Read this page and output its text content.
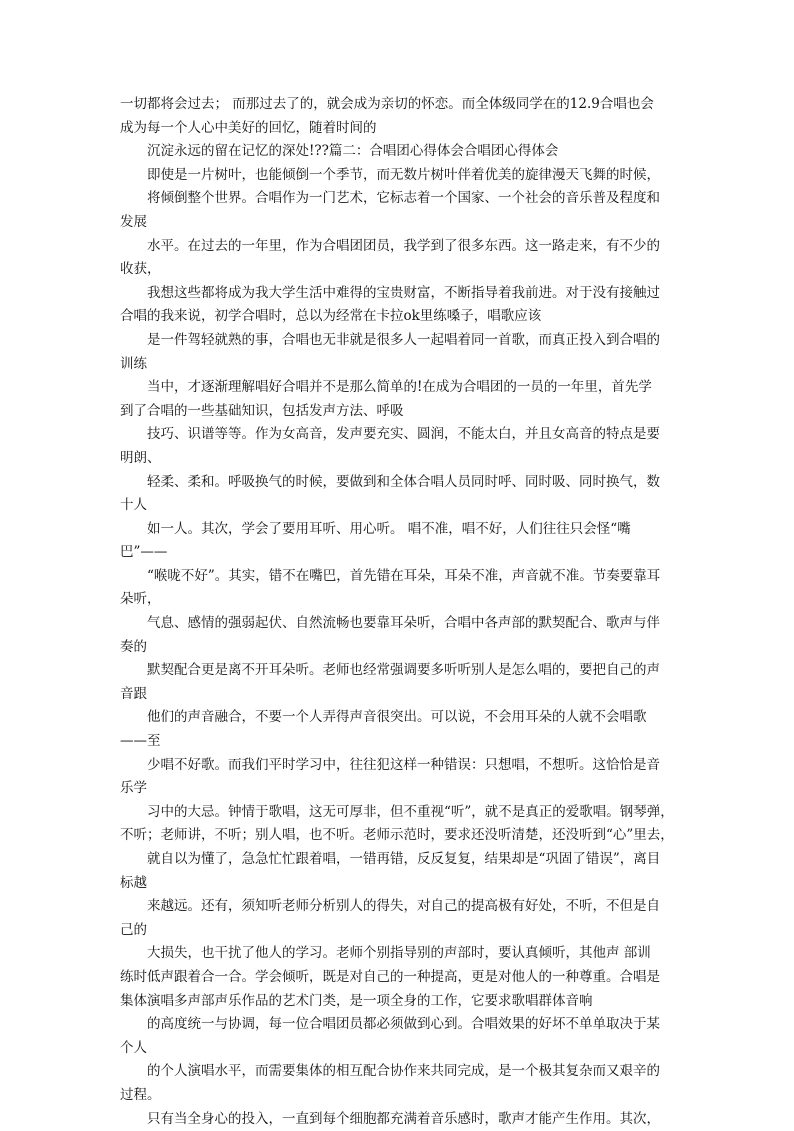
一切都将会过去； 而那过去了的，就会成为亲切的怀恋。而全体级同学在的12.9合唱也会
成为每一个人心中美好的回忆，随着时间的
沉淀永远的留在记忆的深处!??篇二：合唱团心得体会合唱团心得体会
即使是一片树叶，也能倾倒一个季节，而无数片树叶伴着优美的旋律漫天飞舞的时候，
将倾倒整个世界。合唱作为一门艺术，它标志着一个国家、一个社会的音乐普及程度和
发展
水平。在过去的一年里，作为合唱团团员，我学到了很多东西。这一路走来，有不少的
收获，
我想这些都将成为我大学生活中难得的宝贵财富，不断指导着我前进。对于没有接触过
合唱的我来说，初学合唱时，总以为经常在卡拉ok里练嗓子，唱歌应该
是一件驾轻就熟的事，合唱也无非就是很多人一起唱着同一首歌，而真正投入到合唱的
训练
当中，才逐渐理解唱好合唱并不是那么简单的!在成为合唱团的一员的一年里，首先学
到了合唱的一些基础知识，包括发声方法、呼吸
技巧、识谱等等。作为女高音，发声要充实、圆润，不能太白，并且女高音的特点是要
明朗、
轻柔、柔和。呼吸换气的时候，要做到和全体合唱人员同时呼、同时吸、同时换气，数
十人
如一人。其次，学会了要用耳听、用心听。 唱不准，唱不好，人们往往只会怪“嘴
巴”——
“喉咙不好”。其实，错不在嘴巴，首先错在耳朵，耳朵不准，声音就不准。节奏要靠耳
朵听，
气息、感情的强弱起伏、自然流畅也要靠耳朵听，合唱中各声部的默契配合、歌声与伴
奏的
默契配合更是离不开耳朵听。老师也经常强调要多听听别人是怎么唱的，要把自己的声
音跟
他们的声音融合，不要一个人弄得声音很突出。可以说，不会用耳朵的人就不会唱歌
——至
少唱不好歌。而我们平时学习中，往往犯这样一种错误：只想唱，不想听。这恰恰是音
乐学
习中的大忌。钟情于歌唱，这无可厚非，但不重视“听”，就不是真正的爱歌唱。钢琴弹，
不听；老师讲，不听；别人唱，也不听。老师示范时，要求还没听清楚，还没听到“心”里去，
就自以为懂了，急急忙忙跟着唱，一错再错，反反复复，结果却是“巩固了错误”，离目
标越
来越远。还有，须知听老师分析别人的得失，对自己的提高极有好处，不听，不但是自
己的
大损失，也干扰了他人的学习。老师个别指导别的声部时，要认真倾听，其他声 部训
练时低声跟着合一合。学会倾听，既是对自己的一种提高，更是对他人的一种尊重。合唱是
集体演唱多声部声乐作品的艺术门类，是一项全身的工作，它要求歌唱群体音响
的高度统一与协调，每一位合唱团员都必须做到心到。合唱效果的好坏不单单取决于某
个人
的个人演唱水平，而需要集体的相互配合协作来共同完成，是一个极其复杂而又艰辛的
过程。
只有当全身心的投入，一直到每个细胞都充满着音乐感时，歌声才能产生作用。其次，
